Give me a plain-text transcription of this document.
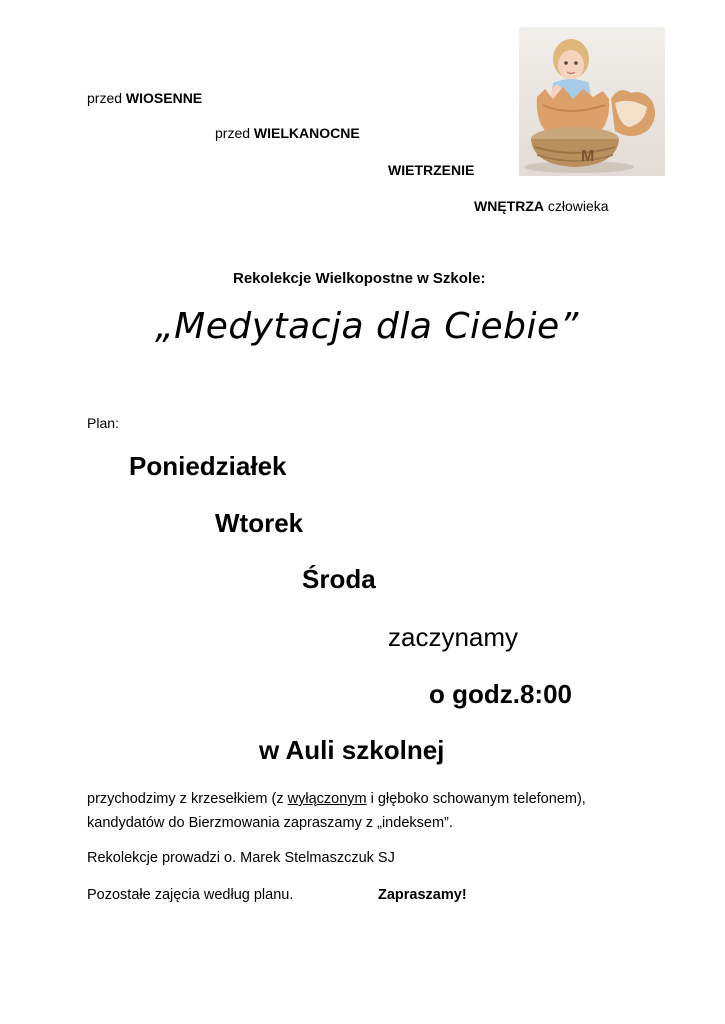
przed WIOSENNE
przed WIELKANOCNE
WIETRZENIE
WNĘTRZA człowieka
M
Rekolekcje Wielkopostne w Szkole:
„Medytacja dla Ciebie”
Plan:
Poniedziałek
Wtorek
Środa
zaczynamy
o godz.8:00
w Auli szkolnej
przychodzimy z krzesełkiem (z wyłączonym i głęboko schowanym telefonem), kandydatów do Bierzmowania zapraszamy z „indeksem”.
Rekolekcje prowadzi o. Marek Stelmaszczuk SJ
Pozostałe zajęcia według planu.	Zapraszamy!
